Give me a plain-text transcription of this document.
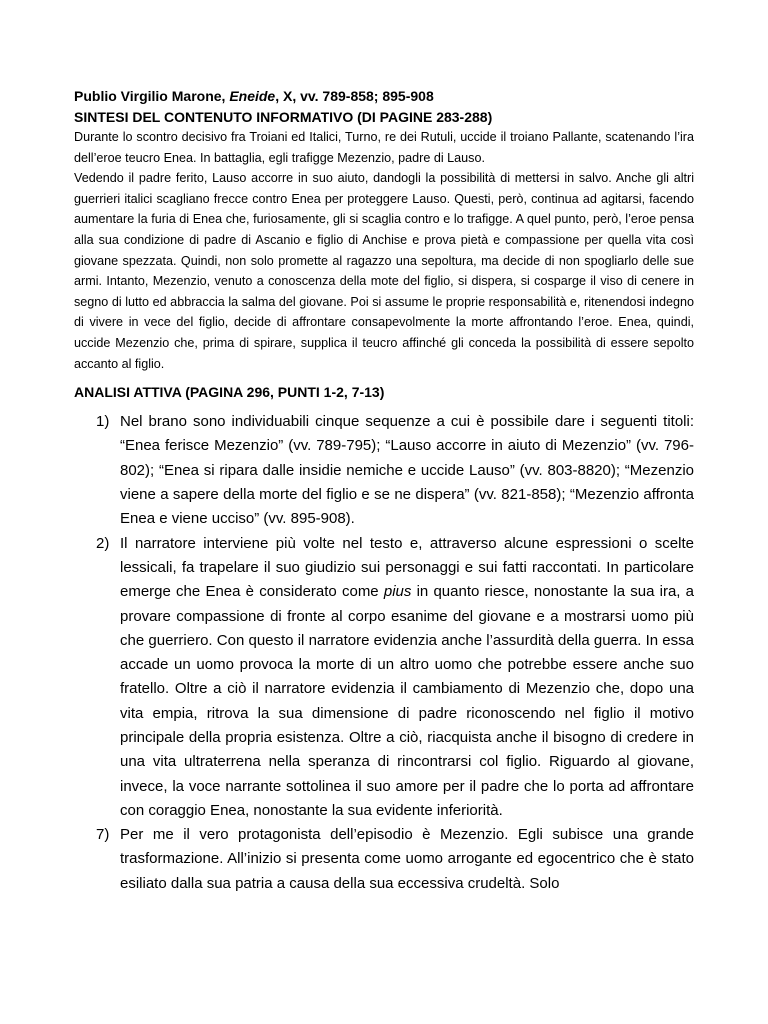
Publio Virgilio Marone, Eneide, X, vv. 789-858; 895-908
SINTESI DEL CONTENUTO INFORMATIVO (DI PAGINE 283-288)

Durante lo scontro decisivo fra Troiani ed Italici, Turno, re dei Rutuli, uccide il troiano Pallante, scatenando l’ira dell’eroe teucro Enea. In battaglia, egli trafigge Mezenzio, padre di Lauso.

Vedendo il padre ferito, Lauso accorre in suo aiuto, dandogli la possibilità di mettersi in salvo. Anche gli altri guerrieri italici scagliano frecce contro Enea per proteggere Lauso. Questi, però, continua ad agitarsi, facendo aumentare la furia di Enea che, furiosamente, gli si scaglia contro e lo trafigge. A quel punto, però, l’eroe pensa alla sua condizione di padre di Ascanio e figlio di Anchise e prova pietà e compassione per quella vita così giovane spezzata. Quindi, non solo promette al ragazzo una sepoltura, ma decide di non spogliarlo delle sue armi. Intanto, Mezenzio, venuto a conoscenza della mote del figlio, si dispera, si cosparge il viso di cenere in segno di lutto ed abbraccia la salma del giovane. Poi si assume le proprie responsabilità e, ritenendosi indegno di vivere in vece del figlio, decide di affrontare consapevolmente la morte affrontando l’eroe. Enea, quindi, uccide Mezenzio che, prima di spirare, supplica il teucro affinché gli conceda la possibilità di essere sepolto accanto al figlio.

ANALISI ATTIVA (PAGINA 296, PUNTI 1-2, 7-13)
1) Nel brano sono individuabili cinque sequenze a cui è possibile dare i seguenti titoli: “Enea ferisce Mezenzio” (vv. 789-795); “Lauso accorre in aiuto di Mezenzio” (vv. 796-802); “Enea si ripara dalle insidie nemiche e uccide Lauso” (vv. 803-8820); “Mezenzio viene a sapere della morte del figlio e se ne dispera” (vv. 821-858); “Mezenzio affronta Enea e viene ucciso” (vv. 895-908).
2) Il narratore interviene più volte nel testo e, attraverso alcune espressioni o scelte lessicali, fa trapelare il suo giudizio sui personaggi e sui fatti raccontati. In particolare emerge che Enea è considerato come pius in quanto riesce, nonostante la sua ira, a provare compassione di fronte al corpo esanime del giovane e a mostrarsi uomo più che guerriero. Con questo il narratore evidenzia anche l’assurdità della guerra. In essa accade un uomo provoca la morte di un altro uomo che potrebbe essere anche suo fratello. Oltre a ciò il narratore evidenzia il cambiamento di Mezenzio che, dopo una vita empia, ritrova la sua dimensione di padre riconoscendo nel figlio il motivo principale della propria esistenza. Oltre a ciò, riacquista anche il bisogno di credere in una vita ultraterrena nella speranza di rincontrarsi col figlio. Riguardo al giovane, invece, la voce narrante sottolinea il suo amore per il padre che lo porta ad affrontare con coraggio Enea, nonostante la sua evidente inferiorità.
7) Per me il vero protagonista dell’episodio è Mezenzio. Egli subisce una grande trasformazione. All’inizio si presenta come uomo arrogante ed egocentrico che è stato esiliato dalla sua patria a causa della sua eccessiva crudeltà. Solo
